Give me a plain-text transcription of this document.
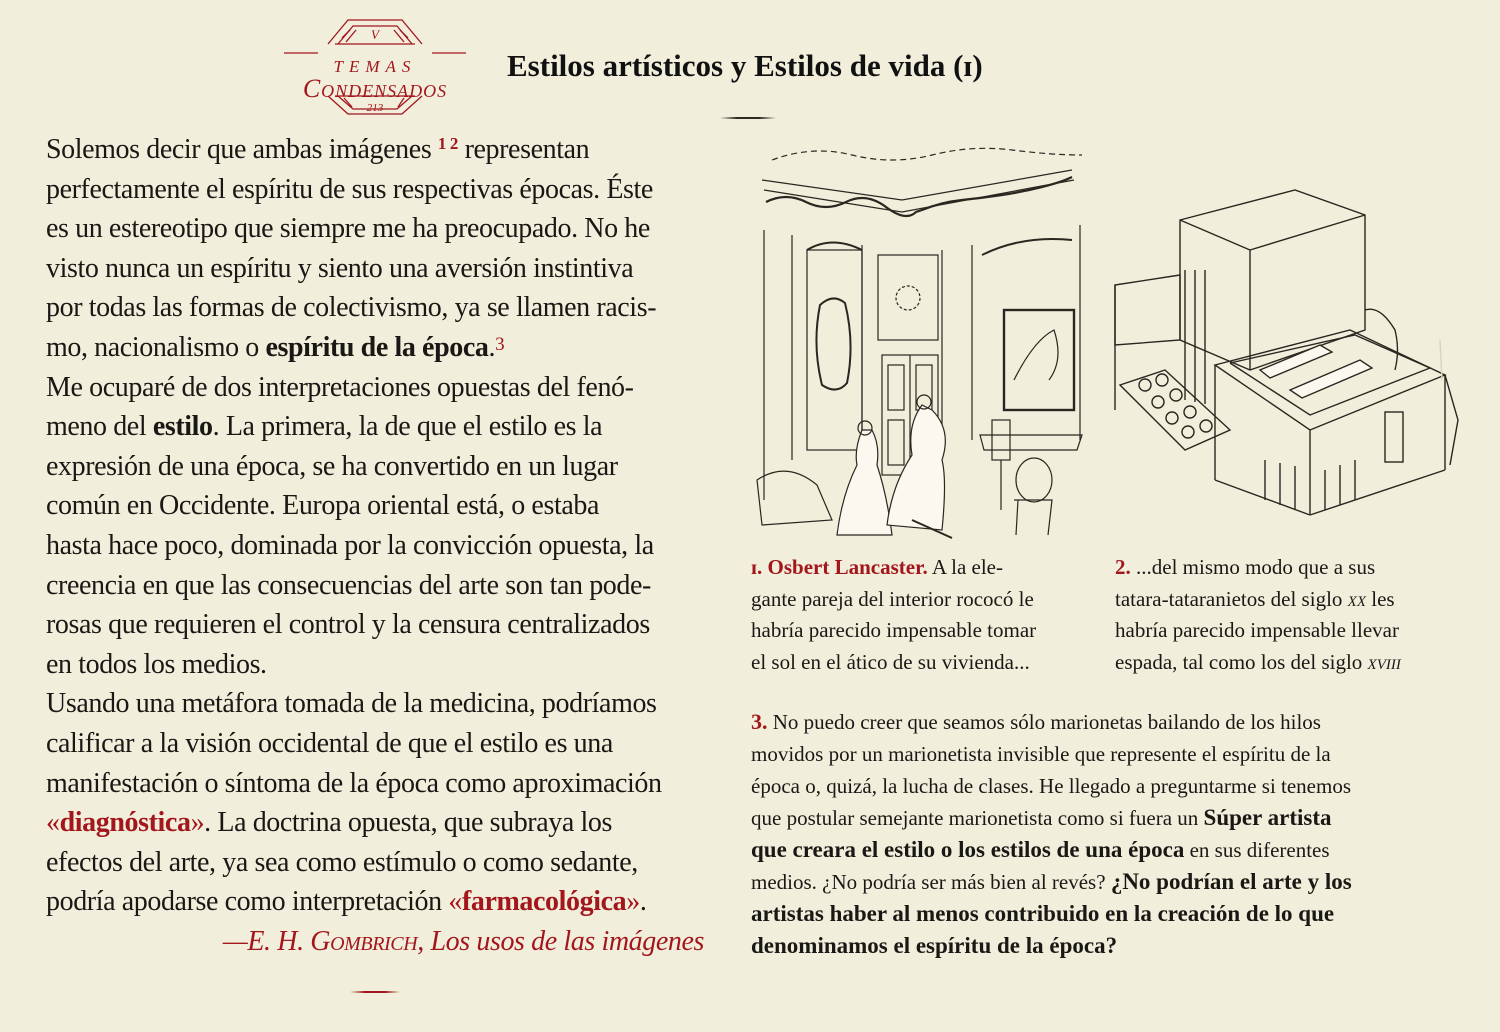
V
TEMAS
Condensados
213
Estilos artísticos y Estilos de vida (ɪ)

Solemos decir que ambas imágenes $^{1 2}$ representan
perfectamente el espíritu de sus respectivas épocas. Éste
es un estereotipo que siempre me ha preocupado. No he
visto nunca un espíritu y siento una aversión instintiva
por todas las formas de colectivismo, ya se llamen racis-
mo, nacionalismo o espíritu de la época.$^3$

Me ocuparé de dos interpretaciones opuestas del fenó-
meno del estilo. La primera, la de que el estilo es la
expresión de una época, se ha convertido en un lugar
común en Occidente. Europa oriental está, o estaba
hasta hace poco, dominada por la convicción opuesta, la
creencia en que las consecuencias del arte son tan pode-
rosas que requieren el control y la censura centralizados
en todos los medios.

Usando una metáfora tomada de la medicina, podríamos
calificar a la visión occidental de que el estilo es una
manifestación o síntoma de la época como aproximación
«diagnóstica». La doctrina opuesta, que subraya los
efectos del arte, ya sea como estímulo o como sedante,
podría apodarse como interpretación «farmacológica».
—E. H. Gombrich, Los usos de las imágenes

ɪ. Osbert Lancaster. A la ele-
gante pareja del interior rococó le
habría parecido impensable tomar
el sol en el ático de su vivienda...
2. ...del mismo modo que a sus
tatara-tataranietos del siglo xx les
habría parecido impensable llevar
espada, tal como los del siglo xviii
3. No puedo creer que seamos sólo marionetas bailando de los hilos
movidos por un marionetista invisible que represente el espíritu de la
época o, quizá, la lucha de clases. He llegado a preguntarme si tenemos
que postular semejante marionetista como si fuera un Súper artista
que creara el estilo o los estilos de una época en sus diferentes
medios. ¿No podría ser más bien al revés? ¿No podrían el arte y los
artistas haber al menos contribuido en la creación de lo que
denominamos el espíritu de la época?
